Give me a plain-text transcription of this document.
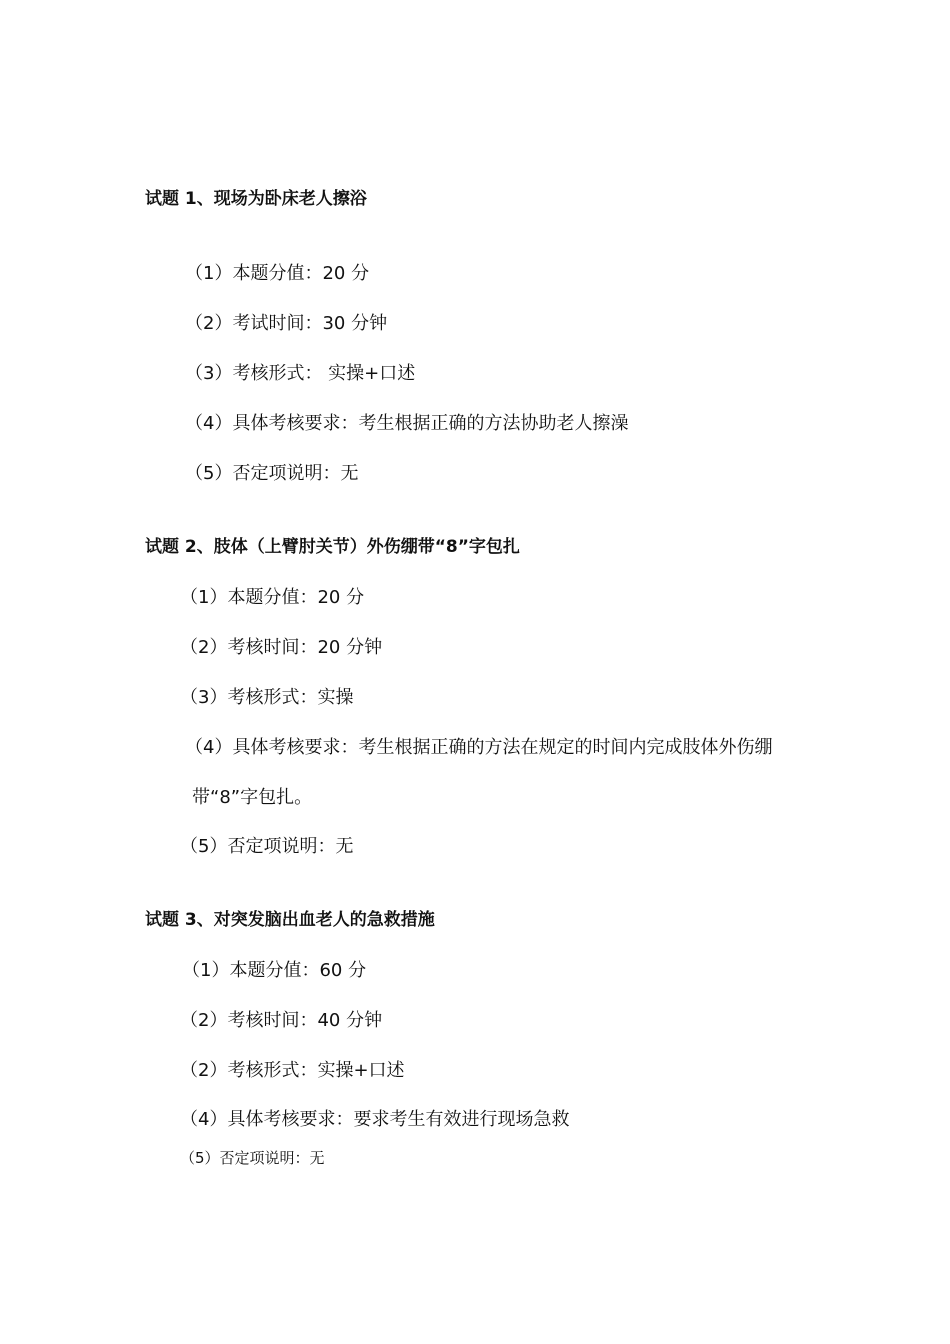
试题 1、现场为卧床老人擦浴
（1）本题分值：20 分
（2）考试时间：30 分钟
（3）考核形式： 实操+口述
（4）具体考核要求：考生根据正确的方法协助老人擦澡
（5）否定项说明：无
试题 2、肢体（上臂肘关节）外伤绷带“8”字包扎
（1）本题分值：20 分
（2）考核时间：20 分钟
（3）考核形式：实操
（4）具体考核要求：考生根据正确的方法在规定的时间内完成肢体外伤绷
带“8”字包扎。
（5）否定项说明：无
试题 3、对突发脑出血老人的急救措施
（1）本题分值：60 分
（2）考核时间：40 分钟
（2）考核形式：实操+口述
（4）具体考核要求：要求考生有效进行现场急救
（5）否定项说明：无
